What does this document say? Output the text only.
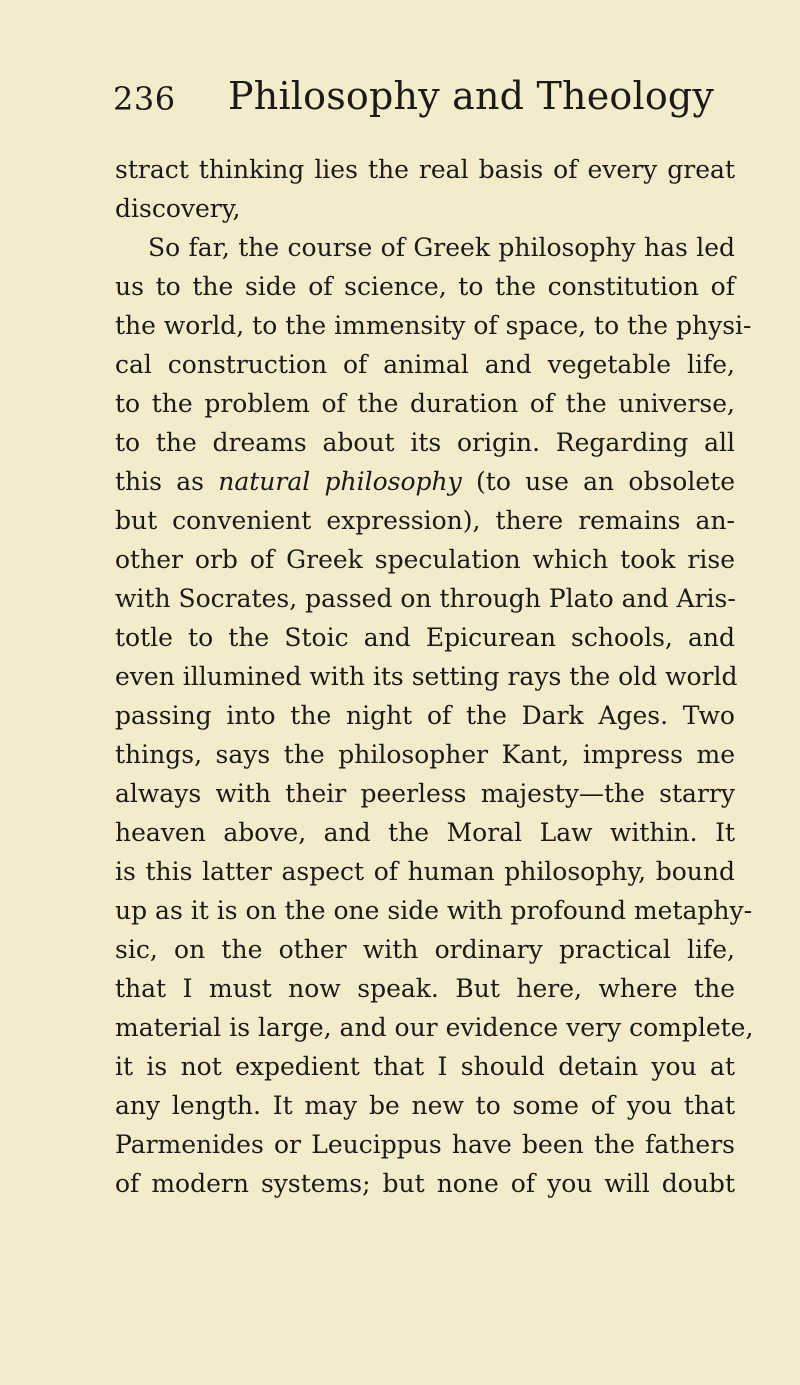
236 Philosophy and Theology
stract thinking lies the real basis of every great
discovery,
So far, the course of Greek philosophy has led
us to the side of science, to the constitution of
the world, to the immensity of space, to the physi-
cal construction of animal and vegetable life,
to the problem of the duration of the universe,
to the dreams about its origin. Regarding all
this as natural philosophy (to use an obsolete
but convenient expression), there remains an-
other orb of Greek speculation which took rise
with Socrates, passed on through Plato and Aris-
totle to the Stoic and Epicurean schools, and
even illumined with its setting rays the old world
passing into the night of the Dark Ages. Two
things, says the philosopher Kant, impress me
always with their peerless majesty—the starry
heaven above, and the Moral Law within. It
is this latter aspect of human philosophy, bound
up as it is on the one side with profound metaphy-
sic, on the other with ordinary practical life,
that I must now speak. But here, where the
material is large, and our evidence very complete,
it is not expedient that I should detain you at
any length. It may be new to some of you that
Parmenides or Leucippus have been the fathers
of modern systems; but none of you will doubt
